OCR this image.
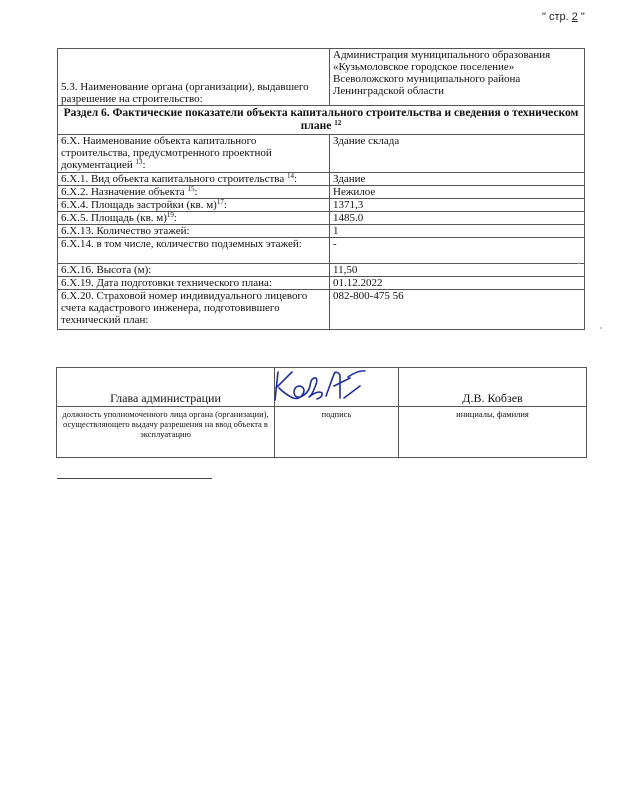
" стр. 2 "
5.3. Наименование органа (организации), выдавшего разрешение на строительство:	Администрация муниципального образования «Кузьмоловское городское поселение» Всеволожского муниципального района Ленинградской области
Раздел 6. Фактические показатели объекта капитального строительства и сведения о техническом плане $^{12}$
6.Х. Наименование объекта капитального строительства, предусмотренного проектной документацией $^{13}$:	Здание склада
6.Х.1. Вид объекта капитального строительства $^{14}$:	Здание
6.Х.2. Назначение объекта $^{15}$:	Нежилое
6.Х.4. Площадь застройки (кв. м)$^{17}$:	1371,3
6.Х.5. Площадь (кв. м)$^{19}$:	1485.0
6.Х.13. Количество этажей:	1
6.Х.14. в том числе, количество подземных этажей:	-
6.Х.16. Высота (м):	11,50
6.Х.19. Дата подготовки технического плана:	01.12.2022
6.Х.20. Страховой номер индивидуального лицевого счета кадастрового инженера, подготовившего технический план:	082-800-475 56
Глава администрации		Д.В. Кобзев
должность уполномоченного лица органа (организации), осуществляющего выдачу разрешения на ввод объекта в эксплуатацию	подпись	инициалы, фамилия
